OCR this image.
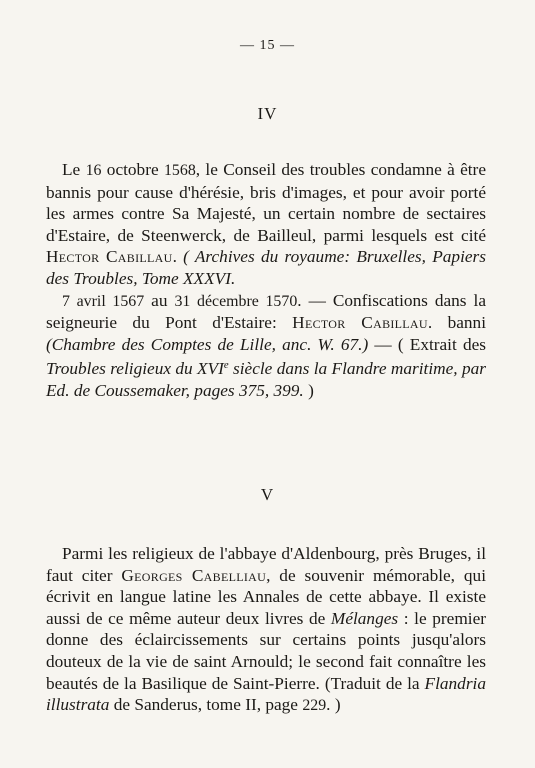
— 15 —
IV

Le 16 octobre 1568, le Conseil des troubles condamne à être bannis pour cause d'hérésie, bris d'images, et pour avoir porté les armes contre Sa Majesté, un certain nombre de sectaires d'Estaire, de Steenwerck, de Bailleul, parmi lesquels est cité Hector Cabillau. ( Archives du royaume: Bruxelles, Papiers des Troubles, Tome XXXVI.

7 avril 1567 au 31 décembre 1570. — Confiscations dans la seigneurie du Pont d'Estaire: Hector Cabillau. banni (Chambre des Comptes de Lille, anc. W. 67.) — ( Extrait des Troubles religieux du XVIe siècle dans la Flandre maritime, par Ed. de Coussemaker, pages 375, 399. )

V

Parmi les religieux de l'abbaye d'Aldenbourg, près Bruges, il faut citer Georges Cabelliau, de souvenir mémorable, qui écrivit en langue latine les Annales de cette abbaye. Il existe aussi de ce même auteur deux livres de Mélanges : le premier donne des éclaircissements sur certains points jusqu'alors douteux de la vie de saint Arnould; le second fait connaître les beautés de la Basilique de Saint-Pierre. (Traduit de la Flandria illustrata de Sanderus, tome II, page 229. )
